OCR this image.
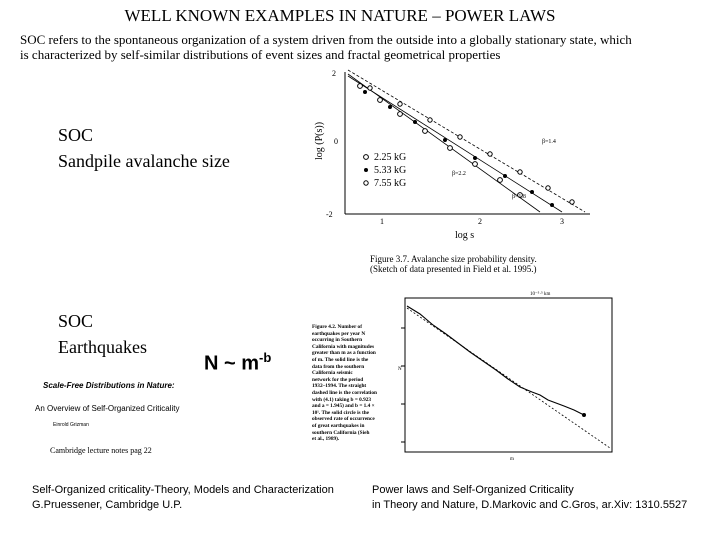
WELL KNOWN EXAMPLES IN NATURE – POWER LAWS
SOC refers to the spontaneous organization of a system driven from the outside into a globally stationary state, which
is characterized by self-similar distributions of event sizes and fractal geometrical properties
SOC
Sandpile avalanche size
2
0
-2
1	2	3
log (P(s))
log s
2.25 kG
5.33 kG
7.55 kG
β=1.4
β=1.8
β=2.2
Figure 3.7. Avalanche size probability density.
(Sketch of data presented in Field et al. 1995.)
SOC
Earthquakes
N ~ $m^{-b}$
Scale-Free Distributions in Nature:
An Overview of Self-Organized Criticality
Einrold Grizman
Cambridge lecture notes pag 22
Figure 4.2. Number of
earthquakes per year N
occurring in Southern
California with magnitudes
greater than m as a function
of m. The solid line is the
data from the southern
California seismic
network for the period
1932–1994. The straight
dashed line is the correlation
with (4.1) taking b = 0.923
and a = 1.945) and b = 1.4 ×
10¹. The solid circle is the
observed rate of occurrence
of great earthquakes in
southern California (Sieh
et al., 1989).
10⁻⁵·⁵ km
m
N
Self-Organized criticality-Theory, Models and Characterization
G.Pruessener, Cambridge U.P.
Power laws and Self-Organized Criticality
in Theory and Nature, D.Markovic and C.Gros, ar.Xiv: 1310.5527
